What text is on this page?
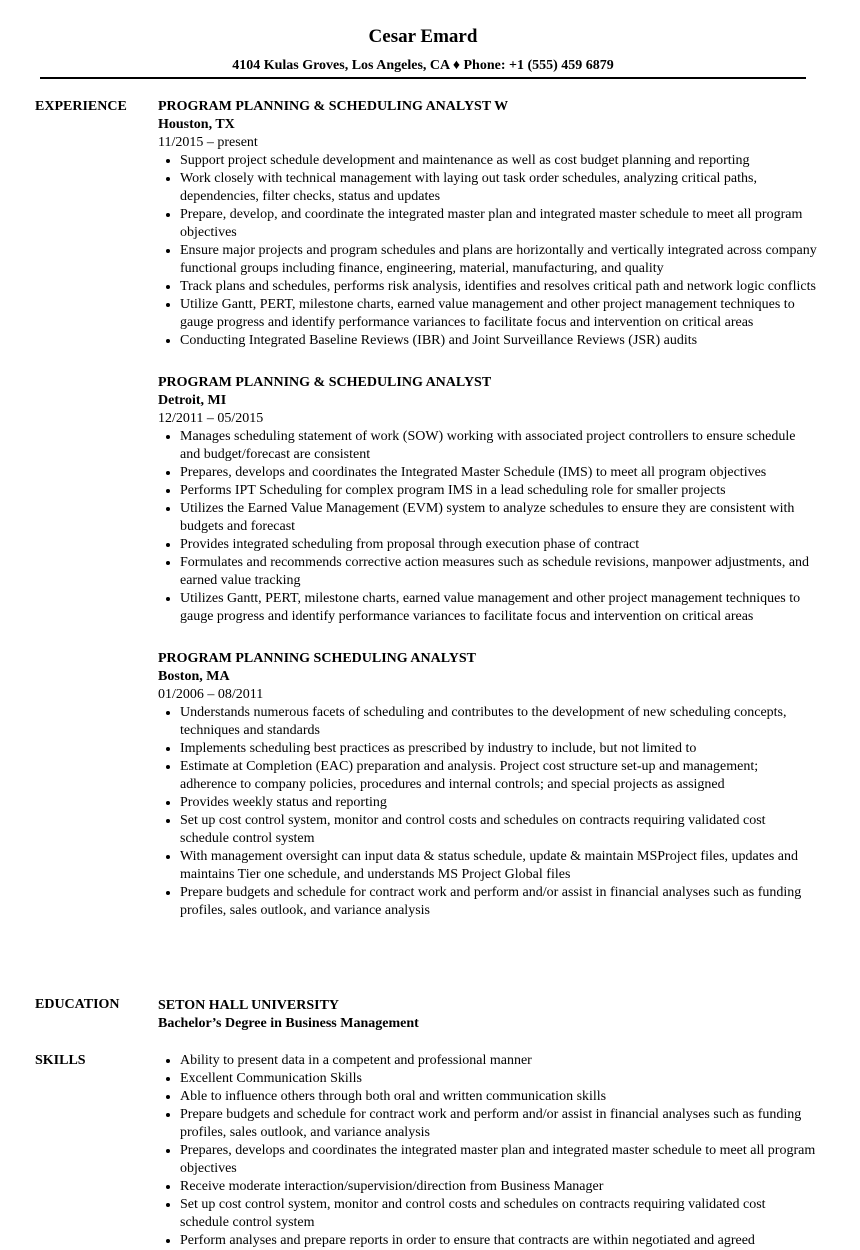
Cesar Emard
4104 Kulas Groves, Los Angeles, CA ♦ Phone: +1 (555) 459 6879
EXPERIENCE PROGRAM PLANNING & SCHEDULING ANALYST W
Houston, TX
11/2015 – present
• Support project schedule development and maintenance as well as cost budget planning and reporting
• Work closely with technical management with laying out task order schedules, analyzing critical paths, dependencies, filter checks, status and updates
• Prepare, develop, and coordinate the integrated master plan and integrated master schedule to meet all program objectives
• Ensure major projects and program schedules and plans are horizontally and vertically integrated across company functional groups including finance, engineering, material, manufacturing, and quality
• Track plans and schedules, performs risk analysis, identifies and resolves critical path and network logic conflicts
• Utilize Gantt, PERT, milestone charts, earned value management and other project management techniques to gauge progress and identify performance variances to facilitate focus and intervention on critical areas
• Conducting Integrated Baseline Reviews (IBR) and Joint Surveillance Reviews (JSR) audits
PROGRAM PLANNING & SCHEDULING ANALYST
Detroit, MI
12/2011 – 05/2015
• Manages scheduling statement of work (SOW) working with associated project controllers to ensure schedule and budget/forecast are consistent
• Prepares, develops and coordinates the Integrated Master Schedule (IMS) to meet all program objectives
• Performs IPT Scheduling for complex program IMS in a lead scheduling role for smaller projects
• Utilizes the Earned Value Management (EVM) system to analyze schedules to ensure they are consistent with budgets and forecast
• Provides integrated scheduling from proposal through execution phase of contract
• Formulates and recommends corrective action measures such as schedule revisions, manpower adjustments, and earned value tracking
• Utilizes Gantt, PERT, milestone charts, earned value management and other project management techniques to gauge progress and identify performance variances to facilitate focus and intervention on critical areas
PROGRAM PLANNING SCHEDULING ANALYST
Boston, MA
01/2006 – 08/2011
• Understands numerous facets of scheduling and contributes to the development of new scheduling concepts, techniques and standards
• Implements scheduling best practices as prescribed by industry to include, but not limited to
• Estimate at Completion (EAC) preparation and analysis. Project cost structure set-up and management; adherence to company policies, procedures and internal controls; and special projects as assigned
• Provides weekly status and reporting
• Set up cost control system, monitor and control costs and schedules on contracts requiring validated cost schedule control system
• With management oversight can input data & status schedule, update & maintain MSProject files, updates and maintains Tier one schedule, and understands MS Project Global files
• Prepare budgets and schedule for contract work and perform and/or assist in financial analyses such as funding profiles, sales outlook, and variance analysis
EDUCATION	SETON HALL UNIVERSITY
Bachelor’s Degree in Business Management
SKILLS
•	Ability to present data in a competent and professional manner
• Excellent Communication Skills
• Able to influence others through both oral and written communication skills
• Prepare budgets and schedule for contract work and perform and/or assist in financial analyses such as funding profiles, sales outlook, and variance analysis
• Prepares, develops and coordinates the integrated master plan and integrated master schedule to meet all program objectives
• Receive moderate interaction/supervision/direction from Business Manager
• Set up cost control system, monitor and control costs and schedules on contracts requiring validated cost schedule control system
• Perform analyses and prepare reports in order to ensure that contracts are within negotiated and agreed
